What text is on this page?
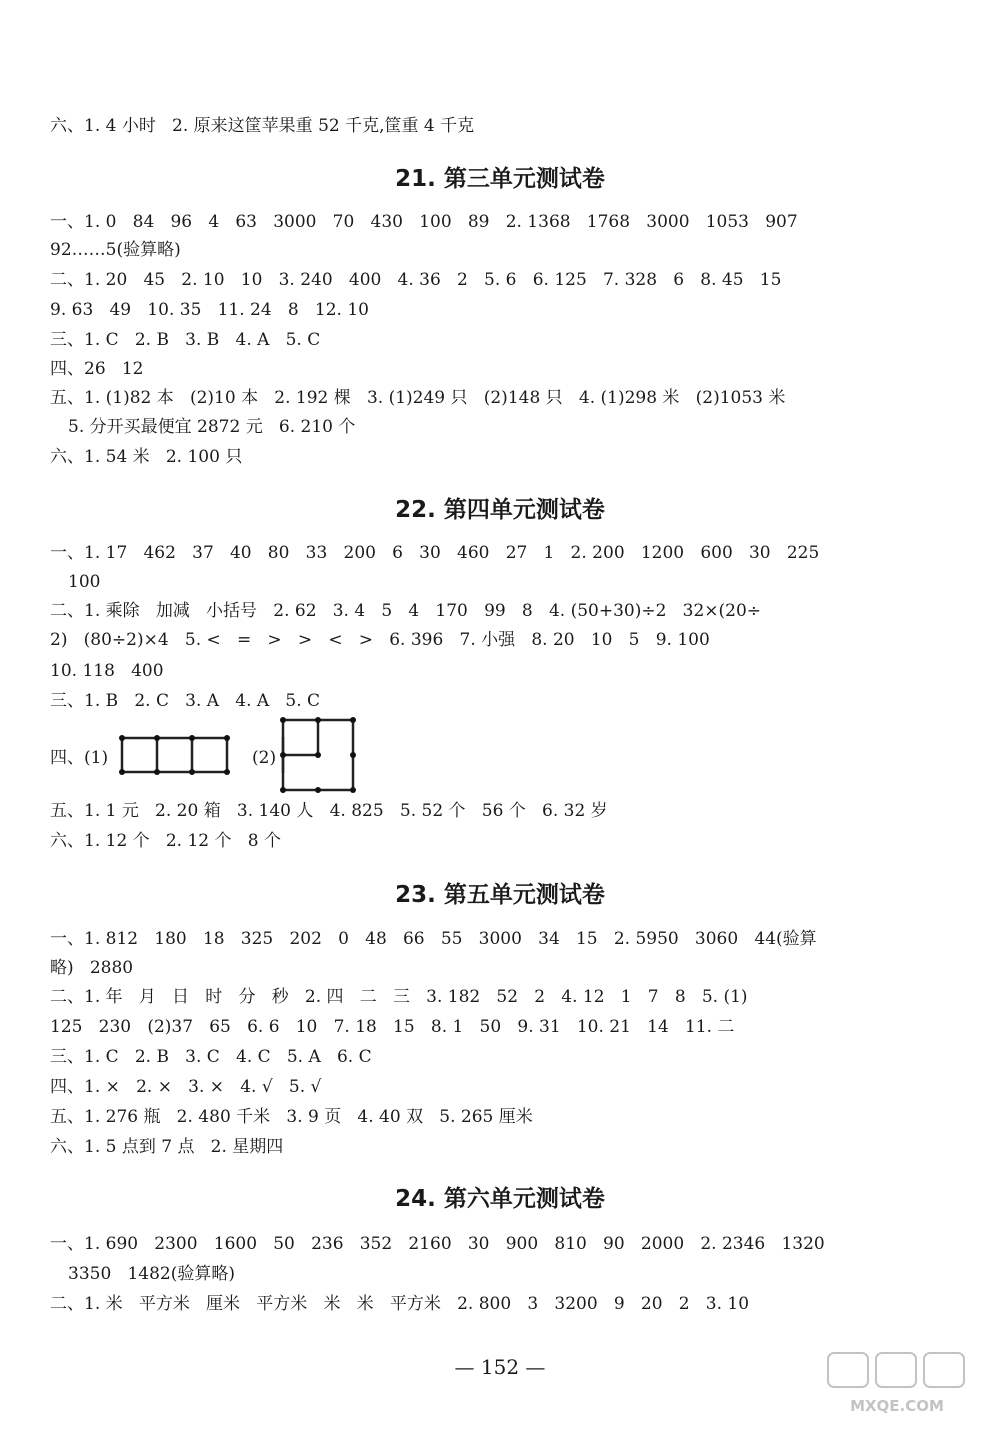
六、1. 4 小时   2. 原来这筐苹果重 52 千克,筐重 4 千克
21. 第三单元测试卷
一、1. 0   84   96   4   63   3000   70   430   100   89   2. 1368   1768   3000   1053   907
92……5(验算略)
二、1. 20   45   2. 10   10   3. 240   400   4. 36   2   5. 6   6. 125   7. 328   6   8. 45   15
9. 63   49   10. 35   11. 24   8   12. 10
三、1. C   2. B   3. B   4. A   5. C
四、26   12
五、1. (1)82 本   (2)10 本   2. 192 棵   3. (1)249 只   (2)148 只   4. (1)298 米   (2)1053 米
5. 分开买最便宜 2872 元   6. 210 个
六、1. 54 米   2. 100 只
22. 第四单元测试卷
一、1. 17   462   37   40   80   33   200   6   30   460   27   1   2. 200   1200   600   30   225
100
二、1. 乘除   加减   小括号   2. 62   3. 4   5   4   170   99   8   4. (50+30)÷2   32×(20÷
2)   (80÷2)×4   5. <   =   >   >   <   >   6. 396   7. 小强   8. 20   10   5   9. 100
10. 118   400
三、1. B   2. C   3. A   4. A   5. C
四、(1)	(2)
五、1. 1 元   2. 20 箱   3. 140 人   4. 825   5. 52 个   56 个   6. 32 岁
六、1. 12 个   2. 12 个   8 个
23. 第五单元测试卷
一、1. 812   180   18   325   202   0   48   66   55   3000   34   15   2. 5950   3060   44(验算
略)   2880
二、1. 年   月   日   时   分   秒   2. 四   二   三   3. 182   52   2   4. 12   1   7   8   5. (1)
125   230   (2)37   65   6. 6   10   7. 18   15   8. 1   50   9. 31   10. 21   14   11. 二
三、1. C   2. B   3. C   4. C   5. A   6. C
四、1. ×   2. ×   3. ×   4. √   5. √
五、1. 276 瓶   2. 480 千米   3. 9 页   4. 40 双   5. 265 厘米
六、1. 5 点到 7 点   2. 星期四
24. 第六单元测试卷
一、1. 690   2300   1600   50   236   352   2160   30   900   810   90   2000   2. 2346   1320
3350   1482(验算略)
二、1. 米   平方米   厘米   平方米   米   米   平方米   2. 800   3   3200   9   20   2   3. 10
— 152 —
MXQE.COM
